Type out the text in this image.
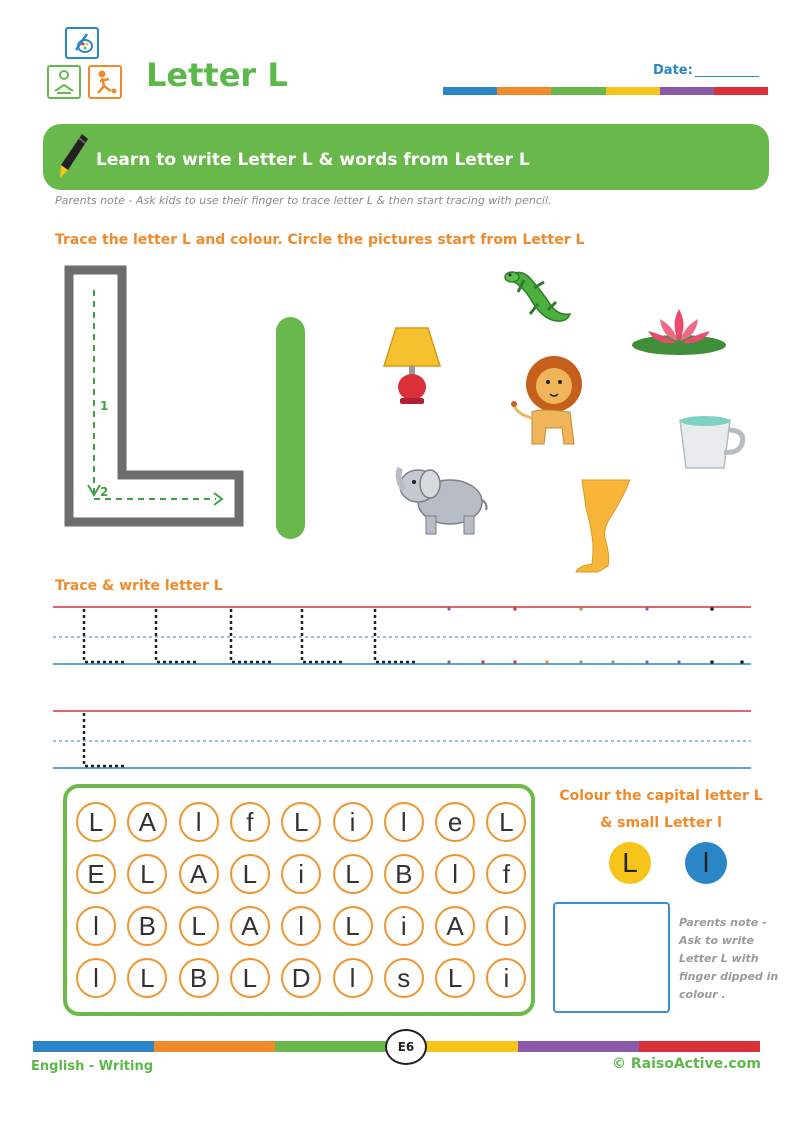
Letter L	Date:
Learn to write Letter L & words from Letter L
Parents note - Ask kids to use their finger to trace letter L & then start tracing with pencil.
Trace the letter L and colour. Circle the pictures start from Letter L
1
2
Trace & write letter L
L	A	l	f	L	i	l	e	L
E	L	A	L	i	L	B	l	f
l	B	L	A	l	L	i	A	l
l	L	B	L	D	l	s	L	i
Colour the capital letter L
& small Letter l
L	l
Parents note - Ask to write Letter L with finger dipped in colour .
E6
English - Writing	© RaisoActive.com
